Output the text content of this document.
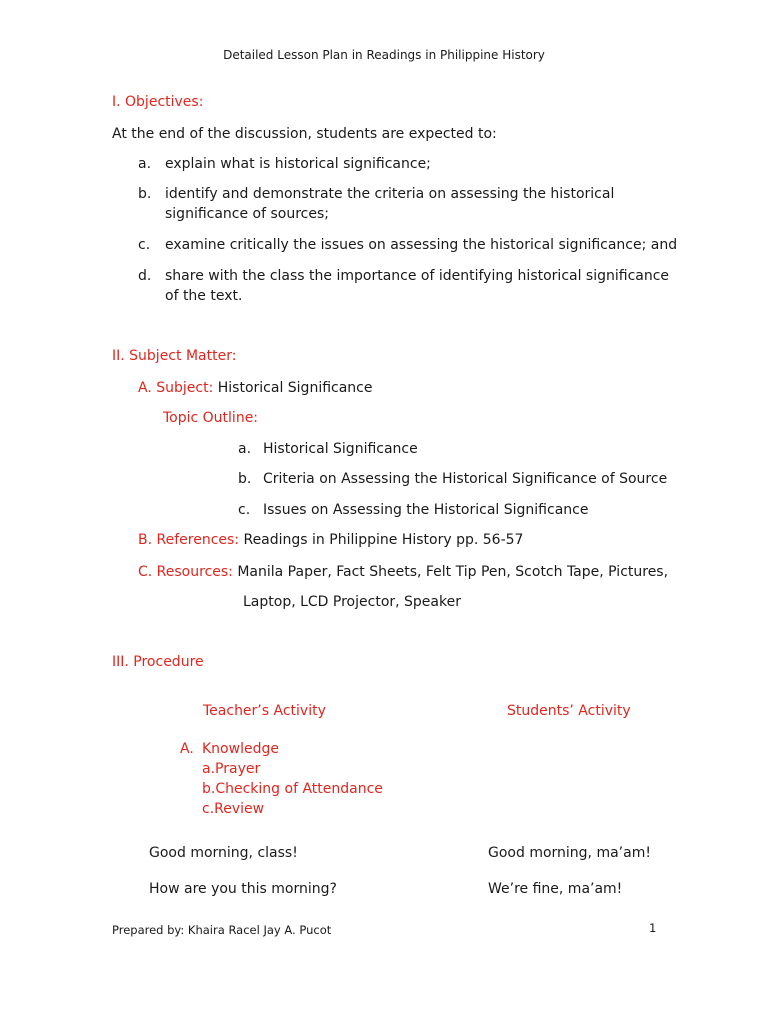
Detailed Lesson Plan in Readings in Philippine History
I. Objectives:
At the end of the discussion, students are expected to:
a. explain what is historical significance;
b. identify and demonstrate the criteria on assessing the historical
significance of sources;
c. examine critically the issues on assessing the historical significance; and
d. share with the class the importance of identifying historical significance
of the text.
II. Subject Matter:
A. Subject: Historical Significance
Topic Outline:
a. Historical Significance
b. Criteria on Assessing the Historical Significance of Source
c. Issues on Assessing the Historical Significance
B. References: Readings in Philippine History pp. 56-57
C. Resources: Manila Paper, Fact Sheets, Felt Tip Pen, Scotch Tape, Pictures,
Laptop, LCD Projector, Speaker
III. Procedure
Teacher’s Activity	Students’ Activity
A. Knowledge
a.Prayer
b.Checking of Attendance
c.Review
Good morning, class!	Good morning, ma’am!
How are you this morning?	We’re fine, ma’am!
Prepared by: Khaira Racel Jay A. Pucot	1
